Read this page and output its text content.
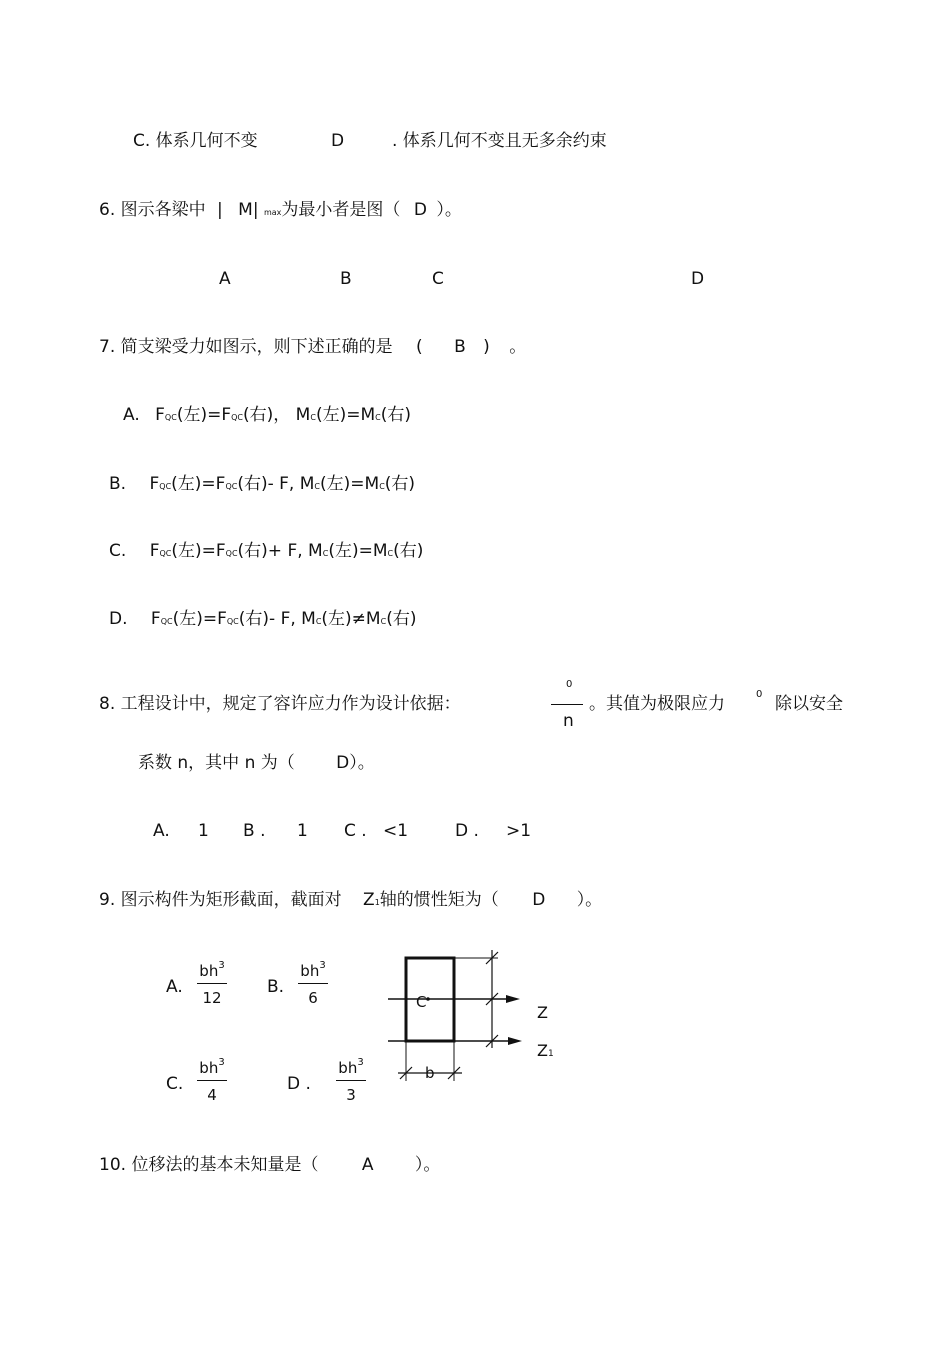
C. 体系几何不变	D	. 体系几何不变且无多余约束
6. 图示各梁中 | M| max为最小者是图（ D ）。
A	B	C	D
7. 简支梁受力如图示，则下述正确的是 ( B ) 。
A. FQC(左)=FQC(右)， MC(左)=MC(右)
B. FQC(左)=FQC(右)- F, MC(左)=MC(右)
C. FQC(左)=FQC(右)+ F, MC(左)=MC(右)
D. FQC(左)=FQC(右)- F, MC(左)≠MC(右)
8. 工程设计中，规定了容许应力作为设计依据：
0
n
。其值为极限应力	0 除以安全
系数 n，其中 n 为（ D）。
A. 1 B . 1 C . <1	D . >1
9. 图示构件为矩形截面，截面对 Z1轴的惯性矩为（ D ）。
A.
$bh^3$
12
B.
$bh^3$
6
C.
$bh^3$
4
D .
$bh^3$
3
C
Z
Z1
b
10. 位移法的基本未知量是（	A ）。
